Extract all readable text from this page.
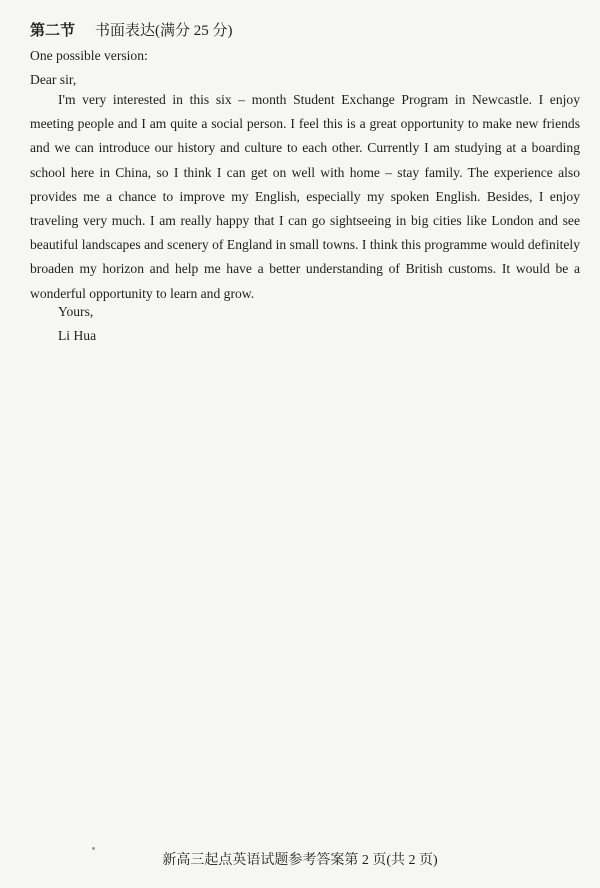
第二节 书面表达(满分 25 分)
One possible version:
Dear sir,

I'm very interested in this six – month Student Exchange Program in Newcastle. I enjoy meeting people and I am quite a social person. I feel this is a great opportunity to make new friends and we can introduce our history and culture to each other. Currently I am studying at a boarding school here in China, so I think I can get on well with home – stay family. The experience also provides me a chance to improve my English, especially my spoken English. Besides, I enjoy traveling very much. I am really happy that I can go sightseeing in big cities like London and see beautiful landscapes and scenery of England in small towns. I think this programme would definitely broaden my horizon and help me have a better understanding of British customs. It would be a wonderful opportunity to learn and grow.

Yours,
Li Hua
新高三起点英语试题参考答案第 2 页(共 2 页)
